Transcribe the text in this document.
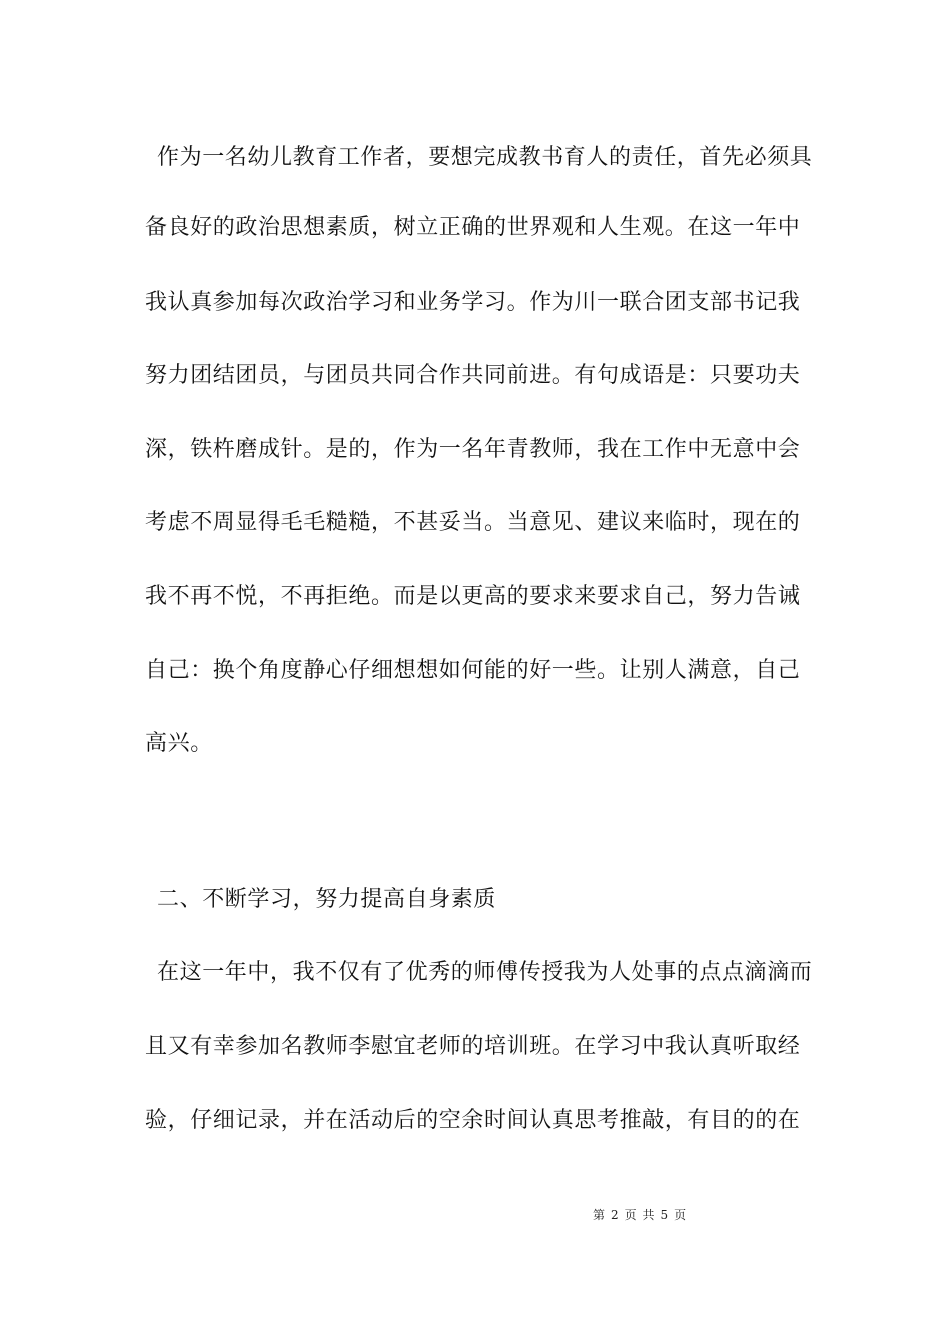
作为一名幼儿教育工作者，要想完成教书育人的责任，首先必须具
备良好的政治思想素质，树立正确的世界观和人生观。在这一年中
我认真参加每次政治学习和业务学习。作为川一联合团支部书记我
努力团结团员，与团员共同合作共同前进。有句成语是：只要功夫
深，铁杵磨成针。是的，作为一名年青教师，我在工作中无意中会
考虑不周显得毛毛糙糙，不甚妥当。当意见、建议来临时，现在的
我不再不悦，不再拒绝。而是以更高的要求来要求自己，努力告诫
自己：换个角度静心仔细想想如何能的好一些。让别人满意，自己
高兴。
二、不断学习，努力提高自身素质
在这一年中，我不仅有了优秀的师傅传授我为人处事的点点滴滴而
且又有幸参加名教师李慰宜老师的培训班。在学习中我认真听取经
验，仔细记录，并在活动后的空余时间认真思考推敲，有目的的在
第 2 页 共 5 页
